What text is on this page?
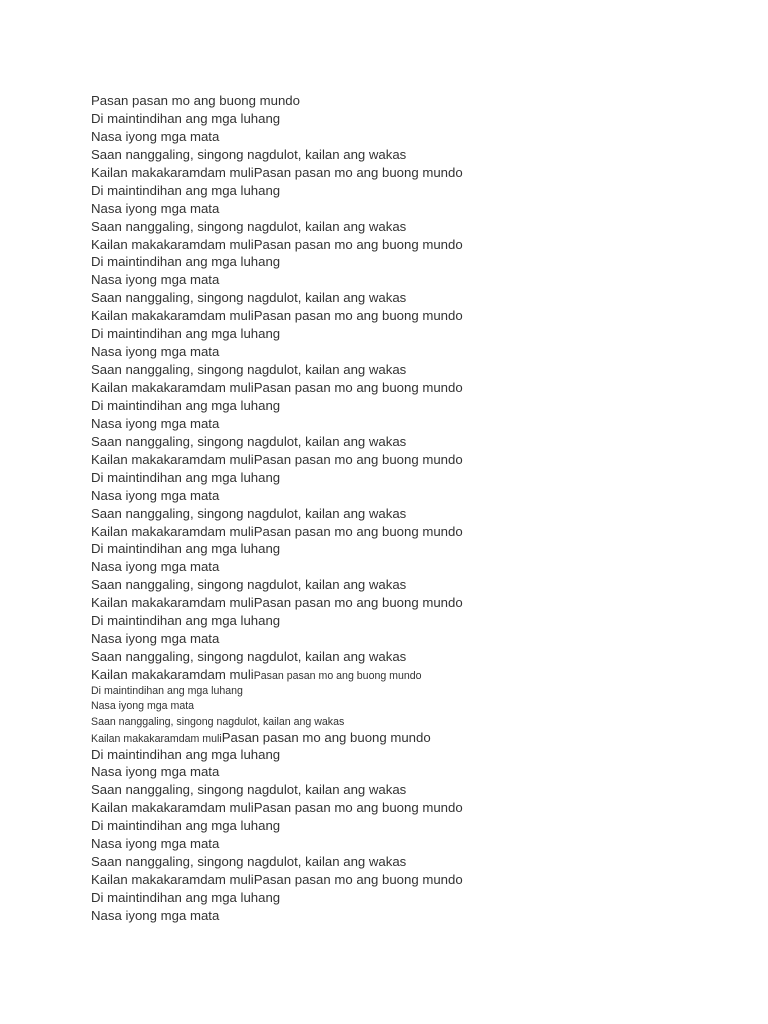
Pasan pasan mo ang buong mundo
Di maintindihan ang mga luhang
Nasa iyong mga mata
Saan nanggaling, singong nagdulot, kailan ang wakas
Kailan makakaramdam muliPasan pasan mo ang buong mundo
Di maintindihan ang mga luhang
Nasa iyong mga mata
Saan nanggaling, singong nagdulot, kailan ang wakas
Kailan makakaramdam muliPasan pasan mo ang buong mundo
Di maintindihan ang mga luhang
Nasa iyong mga mata
Saan nanggaling, singong nagdulot, kailan ang wakas
Kailan makakaramdam muliPasan pasan mo ang buong mundo
Di maintindihan ang mga luhang
Nasa iyong mga mata
Saan nanggaling, singong nagdulot, kailan ang wakas
Kailan makakaramdam muliPasan pasan mo ang buong mundo
Di maintindihan ang mga luhang
Nasa iyong mga mata
Saan nanggaling, singong nagdulot, kailan ang wakas
Kailan makakaramdam muliPasan pasan mo ang buong mundo
Di maintindihan ang mga luhang
Nasa iyong mga mata
Saan nanggaling, singong nagdulot, kailan ang wakas
Kailan makakaramdam muliPasan pasan mo ang buong mundo
Di maintindihan ang mga luhang
Nasa iyong mga mata
Saan nanggaling, singong nagdulot, kailan ang wakas
Kailan makakaramdam muliPasan pasan mo ang buong mundo
Di maintindihan ang mga luhang
Nasa iyong mga mata
Saan nanggaling, singong nagdulot, kailan ang wakas
Kailan makakaramdam muliPasan pasan mo ang buong mundo
Di maintindihan ang mga luhang
Nasa iyong mga mata
Saan nanggaling, singong nagdulot, kailan ang wakas
Kailan makakaramdam muliPasan pasan mo ang buong mundo
Di maintindihan ang mga luhang
Nasa iyong mga mata
Saan nanggaling, singong nagdulot, kailan ang wakas
Kailan makakaramdam muliPasan pasan mo ang buong mundo
Di maintindihan ang mga luhang
Nasa iyong mga mata
Saan nanggaling, singong nagdulot, kailan ang wakas
Kailan makakaramdam muliPasan pasan mo ang buong mundo
Di maintindihan ang mga luhang
Nasa iyong mga mata
